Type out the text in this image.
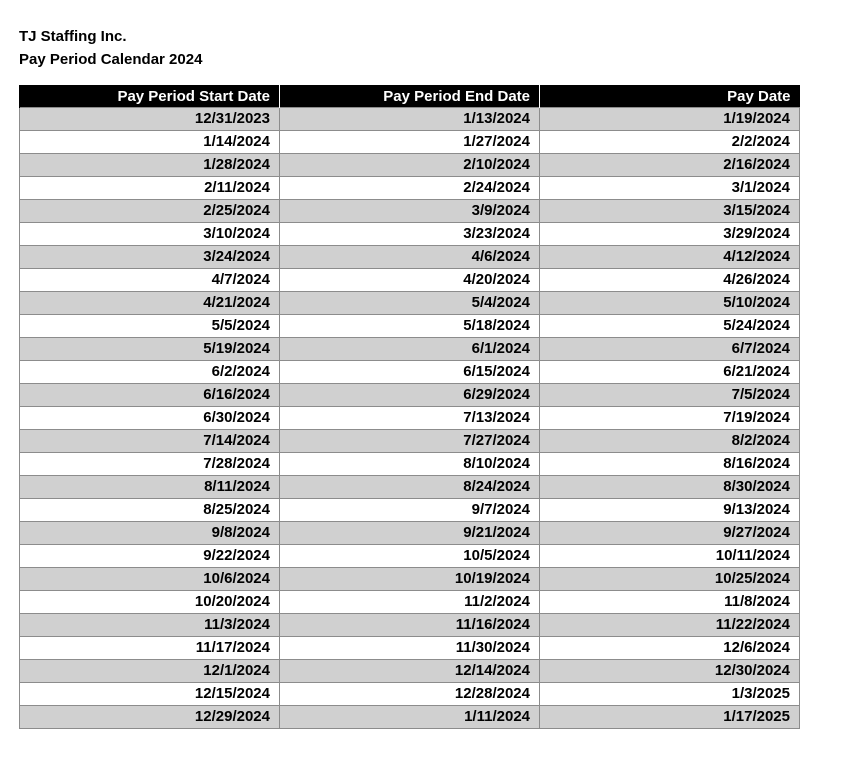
TJ Staffing Inc.
Pay Period Calendar 2024
Pay Period Start Date	Pay Period End Date	Pay Date
12/31/2023	1/13/2024	1/19/2024
1/14/2024	1/27/2024	2/2/2024
1/28/2024	2/10/2024	2/16/2024
2/11/2024	2/24/2024	3/1/2024
2/25/2024	3/9/2024	3/15/2024
3/10/2024	3/23/2024	3/29/2024
3/24/2024	4/6/2024	4/12/2024
4/7/2024	4/20/2024	4/26/2024
4/21/2024	5/4/2024	5/10/2024
5/5/2024	5/18/2024	5/24/2024
5/19/2024	6/1/2024	6/7/2024
6/2/2024	6/15/2024	6/21/2024
6/16/2024	6/29/2024	7/5/2024
6/30/2024	7/13/2024	7/19/2024
7/14/2024	7/27/2024	8/2/2024
7/28/2024	8/10/2024	8/16/2024
8/11/2024	8/24/2024	8/30/2024
8/25/2024	9/7/2024	9/13/2024
9/8/2024	9/21/2024	9/27/2024
9/22/2024	10/5/2024	10/11/2024
10/6/2024	10/19/2024	10/25/2024
10/20/2024	11/2/2024	11/8/2024
11/3/2024	11/16/2024	11/22/2024
11/17/2024	11/30/2024	12/6/2024
12/1/2024	12/14/2024	12/30/2024
12/15/2024	12/28/2024	1/3/2025
12/29/2024	1/11/2024	1/17/2025
